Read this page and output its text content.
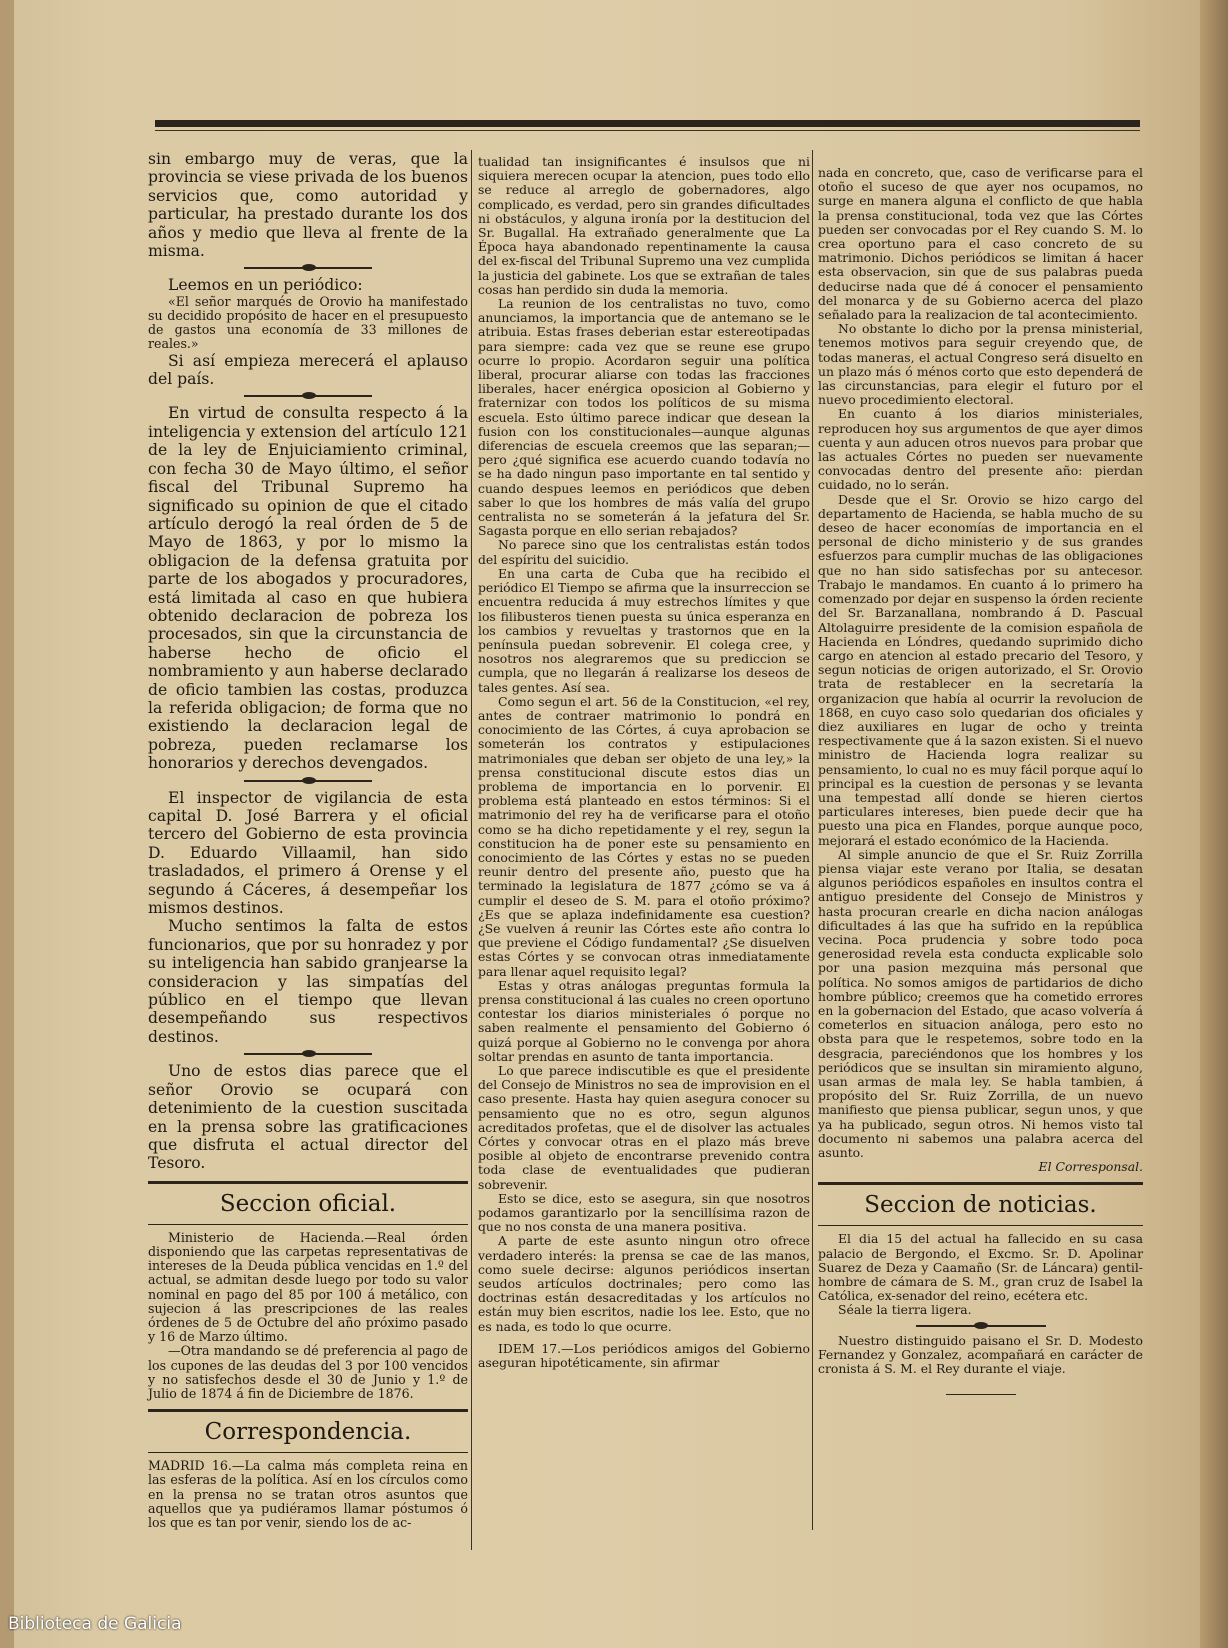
sin embargo muy de veras, que la provincia se viese privada de los buenos servicios que, como autoridad y particular, ha prestado durante los dos años y medio que lleva al frente de la misma.

Leemos en un periódico:

«El señor marqués de Orovio ha manifestado su decidido propósito de hacer en el presupuesto de gastos una economía de 33 millones de reales.»

Si así empieza merecerá el aplauso del país.

En virtud de consulta respecto á la inteligencia y extension del artículo 121 de la ley de Enjuiciamiento criminal, con fecha 30 de Mayo último, el señor fiscal del Tribunal Supremo ha significado su opinion de que el citado artículo derogó la real órden de 5 de Mayo de 1863, y por lo mismo la obligacion de la defensa gratuita por parte de los abogados y procuradores, está limitada al caso en que hubiera obtenido declaracion de pobreza los procesados, sin que la circunstancia de haberse hecho de oficio el nombramiento y aun haberse declarado de oficio tambien las costas, produzca la referida obligacion; de forma que no existiendo la declaracion legal de pobreza, pueden reclamarse los honorarios y derechos devengados.

El inspector de vigilancia de esta capital D. José Barrera y el oficial tercero del Gobierno de esta provincia D. Eduardo Villaamil, han sido trasladados, el primero á Orense y el segundo á Cáceres, á desempeñar los mismos destinos.

Mucho sentimos la falta de estos funcionarios, que por su honradez y por su inteligencia han sabido granjearse la consideracion y las simpatías del público en el tiempo que llevan desempeñando sus respectivos destinos.

Uno de estos dias parece que el señor Orovio se ocupará con detenimiento de la cuestion suscitada en la prensa sobre las gratificaciones que disfruta el actual director del Tesoro.

Seccion oficial.

Ministerio de Hacienda.—Real órden disponiendo que las carpetas representativas de intereses de la Deuda pública vencidas en 1.º del actual, se admitan desde luego por todo su valor nominal en pago del 85 por 100 á metálico, con sujecion á las prescripciones de las reales órdenes de 5 de Octubre del año próximo pasado y 16 de Marzo último.

—Otra mandando se dé preferencia al pago de los cupones de las deudas del 3 por 100 vencidos y no satisfechos desde el 30 de Junio y 1.º de Julio de 1874 á fin de Diciembre de 1876.

Correspondencia.

MADRID 16.—La calma más completa reina en las esferas de la política. Así en los círculos como en la prensa no se tratan otros asuntos que aquellos que ya pudiéramos llamar póstumos ó los que es tan por venir, siendo los de ac-

tualidad tan insignificantes é insulsos que ni siquiera merecen ocupar la atencion, pues todo ello se reduce al arreglo de gobernadores, algo complicado, es verdad, pero sin grandes dificultades ni obstáculos, y alguna ironía por la destitucion del Sr. Bugallal. Ha extrañado generalmente que La Época haya abandonado repentinamente la causa del ex-fiscal del Tribunal Supremo una vez cumplida la justicia del gabinete. Los que se extrañan de tales cosas han perdido sin duda la memoria.

La reunion de los centralistas no tuvo, como anunciamos, la importancia que de antemano se le atribuia. Estas frases deberian estar estereotipadas para siempre: cada vez que se reune ese grupo ocurre lo propio. Acordaron seguir una política liberal, procurar aliarse con todas las fracciones liberales, hacer enérgica oposicion al Gobierno y fraternizar con todos los políticos de su misma escuela. Esto último parece indicar que desean la fusion con los constitucionales—aunque algunas diferencias de escuela creemos que las separan;—pero ¿qué significa ese acuerdo cuando todavía no se ha dado ningun paso importante en tal sentido y cuando despues leemos en periódicos que deben saber lo que los hombres de más valía del grupo centralista no se someterán á la jefatura del Sr. Sagasta porque en ello serian rebajados?

No parece sino que los centralistas están todos del espíritu del suicidio.

En una carta de Cuba que ha recibido el periódico El Tiempo se afirma que la insurreccion se encuentra reducida á muy estrechos límites y que los filibusteros tienen puesta su única esperanza en los cambios y revueltas y trastornos que en la península puedan sobrevenir. El colega cree, y nosotros nos alegraremos que su prediccion se cumpla, que no llegarán á realizarse los deseos de tales gentes. Así sea.

Como segun el art. 56 de la Constitucion, «el rey, antes de contraer matrimonio lo pondrá en conocimiento de las Córtes, á cuya aprobacion se someterán los contratos y estipulaciones matrimoniales que deban ser objeto de una ley,» la prensa constitucional discute estos dias un problema de importancia en lo porvenir. El problema está planteado en estos términos: Si el matrimonio del rey ha de verificarse para el otoño como se ha dicho repetidamente y el rey, segun la constitucion ha de poner este su pensamiento en conocimiento de las Córtes y estas no se pueden reunir dentro del presente año, puesto que ha terminado la legislatura de 1877 ¿cómo se va á cumplir el deseo de S. M. para el otoño próximo? ¿Es que se aplaza indefinidamente esa cuestion? ¿Se vuelven á reunir las Córtes este año contra lo que previene el Código fundamental? ¿Se disuelven estas Córtes y se convocan otras inmediatamente para llenar aquel requisito legal?

Estas y otras análogas preguntas formula la prensa constitucional á las cuales no creen oportuno contestar los diarios ministeriales ó porque no saben realmente el pensamiento del Gobierno ó quizá porque al Gobierno no le convenga por ahora soltar prendas en asunto de tanta importancia.

Lo que parece indiscutible es que el presidente del Consejo de Ministros no sea de improvision en el caso presente. Hasta hay quien asegura conocer su pensamiento que no es otro, segun algunos acreditados profetas, que el de disolver las actuales Córtes y convocar otras en el plazo más breve posible al objeto de encontrarse prevenido contra toda clase de eventualidades que pudieran sobrevenir.

Esto se dice, esto se asegura, sin que nosotros podamos garantizarlo por la sencillísima razon de que no nos consta de una manera positiva.

A parte de este asunto ningun otro ofrece verdadero interés: la prensa se cae de las manos, como suele decirse: algunos periódicos insertan seudos artículos doctrinales; pero como las doctrinas están desacreditadas y los artículos no están muy bien escritos, nadie los lee. Esto, que no es nada, es todo lo que ocurre.

IDEM 17.—Los periódicos amigos del Gobierno aseguran hipotéticamente, sin afirmar

nada en concreto, que, caso de verificarse para el otoño el suceso de que ayer nos ocupamos, no surge en manera alguna el conflicto de que habla la prensa constitucional, toda vez que las Córtes pueden ser convocadas por el Rey cuando S. M. lo crea oportuno para el caso concreto de su matrimonio. Dichos periódicos se limitan á hacer esta observacion, sin que de sus palabras pueda deducirse nada que dé á conocer el pensamiento del monarca y de su Gobierno acerca del plazo señalado para la realizacion de tal acontecimiento.

No obstante lo dicho por la prensa ministerial, tenemos motivos para seguir creyendo que, de todas maneras, el actual Congreso será disuelto en un plazo más ó ménos corto que esto dependerá de las circunstancias, para elegir el futuro por el nuevo procedimiento electoral.

En cuanto á los diarios ministeriales, reproducen hoy sus argumentos de que ayer dimos cuenta y aun aducen otros nuevos para probar que las actuales Córtes no pueden ser nuevamente convocadas dentro del presente año: pierdan cuidado, no lo serán.

Desde que el Sr. Orovio se hizo cargo del departamento de Hacienda, se habla mucho de su deseo de hacer economías de importancia en el personal de dicho ministerio y de sus grandes esfuerzos para cumplir muchas de las obligaciones que no han sido satisfechas por su antecesor. Trabajo le mandamos. En cuanto á lo primero ha comenzado por dejar en suspenso la órden reciente del Sr. Barzanallana, nombrando á D. Pascual Altolaguirre presidente de la comision española de Hacienda en Lóndres, quedando suprimido dicho cargo en atencion al estado precario del Tesoro, y segun noticias de origen autorizado, el Sr. Orovio trata de restablecer en la secretaría la organizacion que había al ocurrir la revolucion de 1868, en cuyo caso solo quedarian dos oficiales y diez auxiliares en lugar de ocho y treinta respectivamente que á la sazon existen. Si el nuevo ministro de Hacienda logra realizar su pensamiento, lo cual no es muy fácil porque aquí lo principal es la cuestion de personas y se levanta una tempestad allí donde se hieren ciertos particulares intereses, bien puede decir que ha puesto una pica en Flandes, porque aunque poco, mejorará el estado económico de la Hacienda.

Al simple anuncio de que el Sr. Ruiz Zorrilla piensa viajar este verano por Italia, se desatan algunos periódicos españoles en insultos contra el antiguo presidente del Consejo de Ministros y hasta procuran crearle en dicha nacion análogas dificultades á las que ha sufrido en la república vecina. Poca prudencia y sobre todo poca generosidad revela esta conducta explicable solo por una pasion mezquina más personal que política. No somos amigos de partidarios de dicho hombre público; creemos que ha cometido errores en la gobernacion del Estado, que acaso volvería á cometerlos en situacion análoga, pero esto no obsta para que le respetemos, sobre todo en la desgracia, pareciéndonos que los hombres y los periódicos que se insultan sin miramiento alguno, usan armas de mala ley. Se habla tambien, á propósito del Sr. Ruiz Zorrilla, de un nuevo manifiesto que piensa publicar, segun unos, y que ya ha publicado, segun otros. Ni hemos visto tal documento ni sabemos una palabra acerca del asunto.

El Corresponsal.

Seccion de noticias.

El dia 15 del actual ha fallecido en su casa palacio de Bergondo, el Excmo. Sr. D. Apolinar Suarez de Deza y Caamaño (Sr. de Láncara) gentil-hombre de cámara de S. M., gran cruz de Isabel la Católica, ex-senador del reino, ecétera etc.

Séale la tierra ligera.

Nuestro distinguido paisano el Sr. D. Modesto Fernandez y Gonzalez, acompañará en carácter de cronista á S. M. el Rey durante el viaje.

Biblioteca de Galicia
